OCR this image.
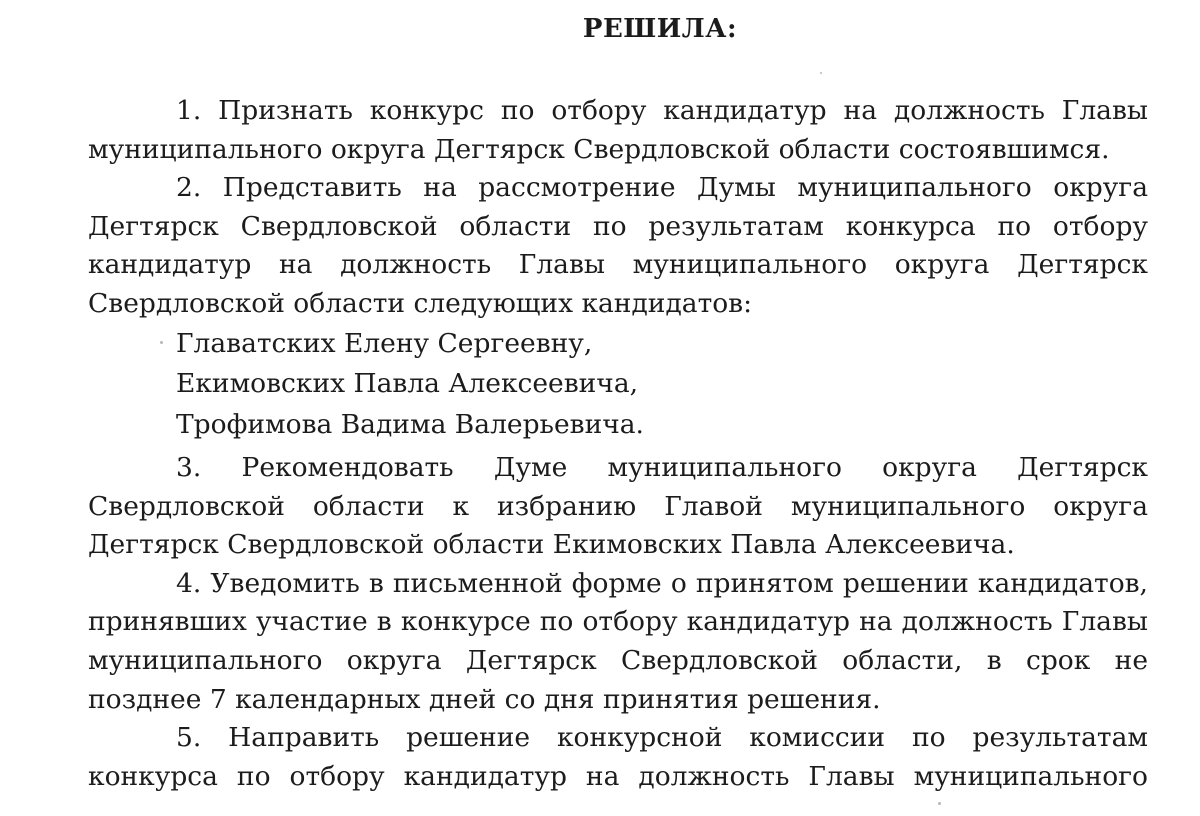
РЕШИЛА:

1. Признать конкурс по отбору кандидатур на должность Главы муниципального округа Дегтярск Свердловской области состоявшимся.

2. Представить на рассмотрение Думы муниципального округа Дегтярск Свердловской области по результатам конкурса по отбору кандидатур на должность Главы муниципального округа Дегтярск Свердловской области следующих кандидатов:

Главатских Елену Сергеевну,

Екимовских Павла Алексеевича,

Трофимова Вадима Валерьевича.

3. Рекомендовать Думе муниципального округа Дегтярск Свердловской области к избранию Главой муниципального округа Дегтярск Свердловской области Екимовских Павла Алексеевича.

4. Уведомить в письменной форме о принятом решении кандидатов, принявших участие в конкурсе по отбору кандидатур на должность Главы муниципального округа Дегтярск Свердловской области, в срок не позднее 7 календарных дней со дня принятия решения.

5. Направить решение конкурсной комиссии по результатам конкурса по отбору кандидатур на должность Главы муниципального
